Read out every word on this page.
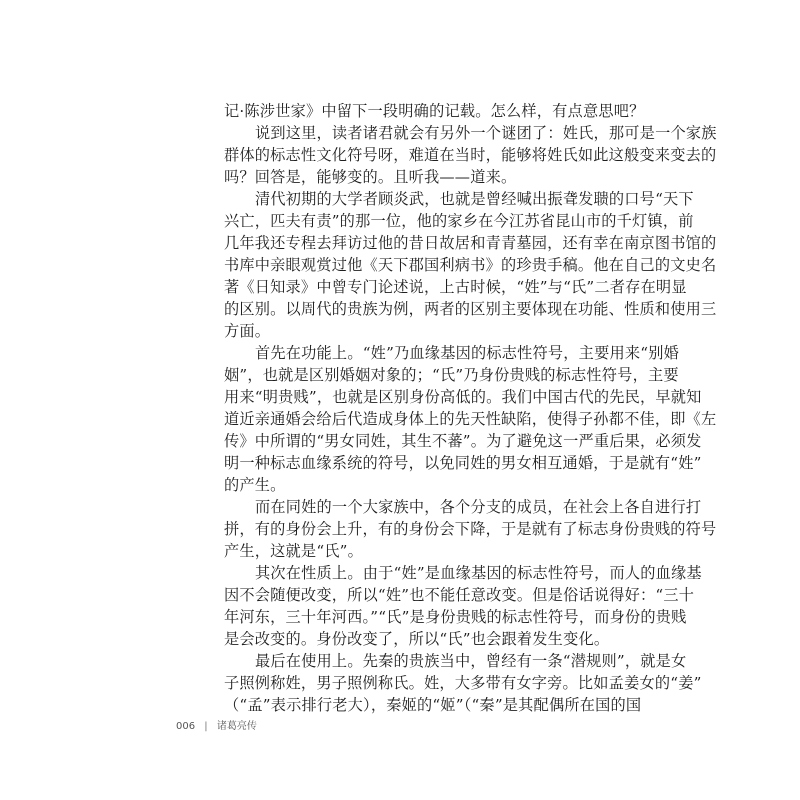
记·陈涉世家》中留下一段明确的记载。怎么样，有点意思吧？
说到这里，读者诸君就会有另外一个谜团了：姓氏，那可是一个家族
群体的标志性文化符号呀，难道在当时，能够将姓氏如此这般变来变去的
吗？回答是，能够变的。且听我——道来。
清代初期的大学者顾炎武，也就是曾经喊出振聋发聩的口号“天下
兴亡，匹夫有责”的那一位，他的家乡在今江苏省昆山市的千灯镇，前
几年我还专程去拜访过他的昔日故居和青青墓园，还有幸在南京图书馆的
书库中亲眼观赏过他《天下郡国利病书》的珍贵手稿。他在自己的文史名
著《日知录》中曾专门论述说，上古时候，“姓”与“氏”二者存在明显
的区别。以周代的贵族为例，两者的区别主要体现在功能、性质和使用三
方面。
首先在功能上。“姓”乃血缘基因的标志性符号，主要用来“别婚
姻”，也就是区别婚姻对象的；“氏”乃身份贵贱的标志性符号，主要
用来“明贵贱”，也就是区别身份高低的。我们中国古代的先民，早就知
道近亲通婚会给后代造成身体上的先天性缺陷，使得子孙都不佳，即《左
传》中所谓的“男女同姓，其生不蕃”。为了避免这一严重后果，必须发
明一种标志血缘系统的符号，以免同姓的男女相互通婚，于是就有“姓”
的产生。
而在同姓的一个大家族中，各个分支的成员，在社会上各自进行打
拼，有的身份会上升，有的身份会下降，于是就有了标志身份贵贱的符号
产生，这就是“氏”。
其次在性质上。由于“姓”是血缘基因的标志性符号，而人的血缘基
因不会随便改变，所以“姓”也不能任意改变。但是俗话说得好：“三十
年河东，三十年河西。”“氏”是身份贵贱的标志性符号，而身份的贵贱
是会改变的。身份改变了，所以“氏”也会跟着发生变化。
最后在使用上。先秦的贵族当中，曾经有一条“潜规则”，就是女
子照例称姓，男子照例称氏。姓，大多带有女字旁。比如孟姜女的“姜”
（“孟”表示排行老大），秦姬的“姬”（“秦”是其配偶所在国的国
006 | 诸葛亮传
